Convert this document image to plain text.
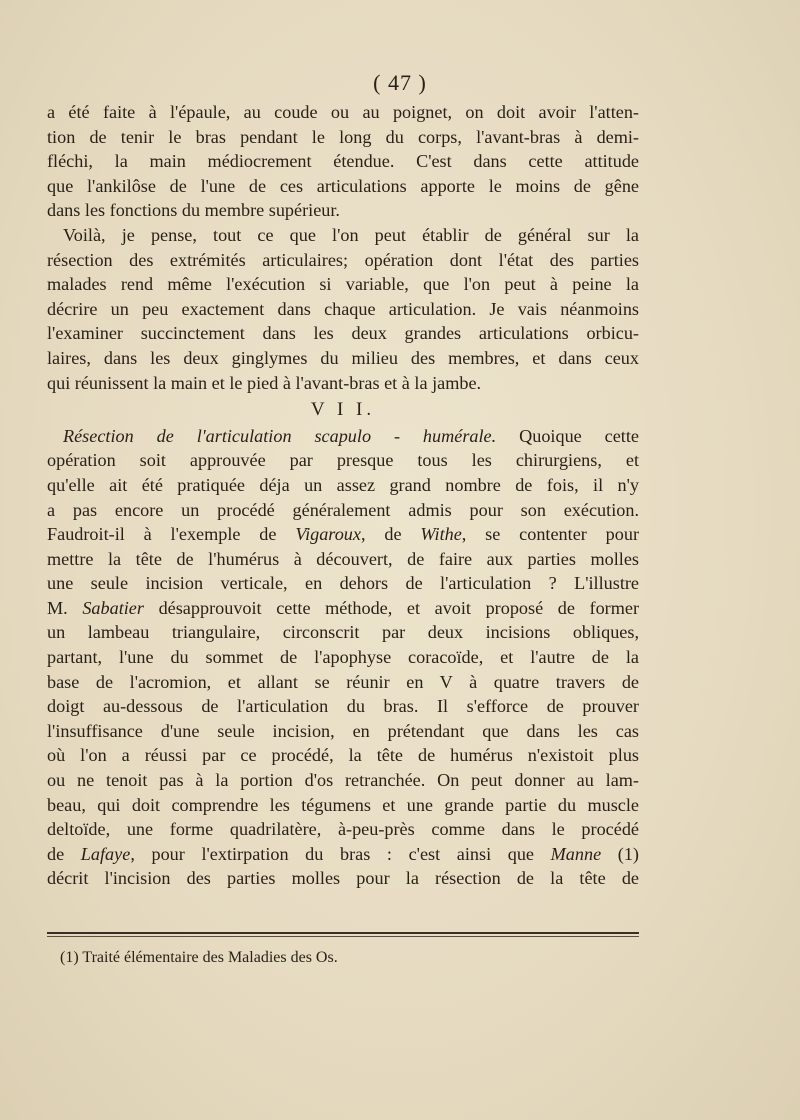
( 47 )
a été faite à l'épaule, au coude ou au poignet, on doit avoir l'atten-
tion de tenir le bras pendant le long du corps, l'avant-bras à demi-
fléchi, la main médiocrement étendue. C'est dans cette attitude
que l'ankilôse de l'une de ces articulations apporte le moins de gêne
dans les fonctions du membre supérieur.
Voilà, je pense, tout ce que l'on peut établir de général sur la
résection des extrémités articulaires; opération dont l'état des parties
malades rend même l'exécution si variable, que l'on peut à peine la
décrire un peu exactement dans chaque articulation. Je vais néanmoins
l'examiner succinctement dans les deux grandes articulations orbicu-
laires, dans les deux ginglymes du milieu des membres, et dans ceux
qui réunissent la main et le pied à l'avant-bras et à la jambe.
V I I.
Résection de l'articulation scapulo - humérale. Quoique cette
opération soit approuvée par presque tous les chirurgiens, et
qu'elle ait été pratiquée déja un assez grand nombre de fois, il n'y
a pas encore un procédé généralement admis pour son exécution.
Faudroit-il à l'exemple de Vigaroux, de Withe, se contenter pour
mettre la tête de l'humérus à découvert, de faire aux parties molles
une seule incision verticale, en dehors de l'articulation ? L'illustre
M. Sabatier désapprouvoit cette méthode, et avoit proposé de former
un lambeau triangulaire, circonscrit par deux incisions obliques,
partant, l'une du sommet de l'apophyse coracoïde, et l'autre de la
base de l'acromion, et allant se réunir en V à quatre travers de
doigt au-dessous de l'articulation du bras. Il s'efforce de prouver
l'insuffisance d'une seule incision, en prétendant que dans les cas
où l'on a réussi par ce procédé, la tête de humérus n'existoit plus
ou ne tenoit pas à la portion d'os retranchée. On peut donner au lam-
beau, qui doit comprendre les tégumens et une grande partie du muscle
deltoïde, une forme quadrilatère, à-peu-près comme dans le procédé
de Lafaye, pour l'extirpation du bras : c'est ainsi que Manne (1)
décrit l'incision des parties molles pour la résection de la tête de
(1) Traité élémentaire des Maladies des Os.
